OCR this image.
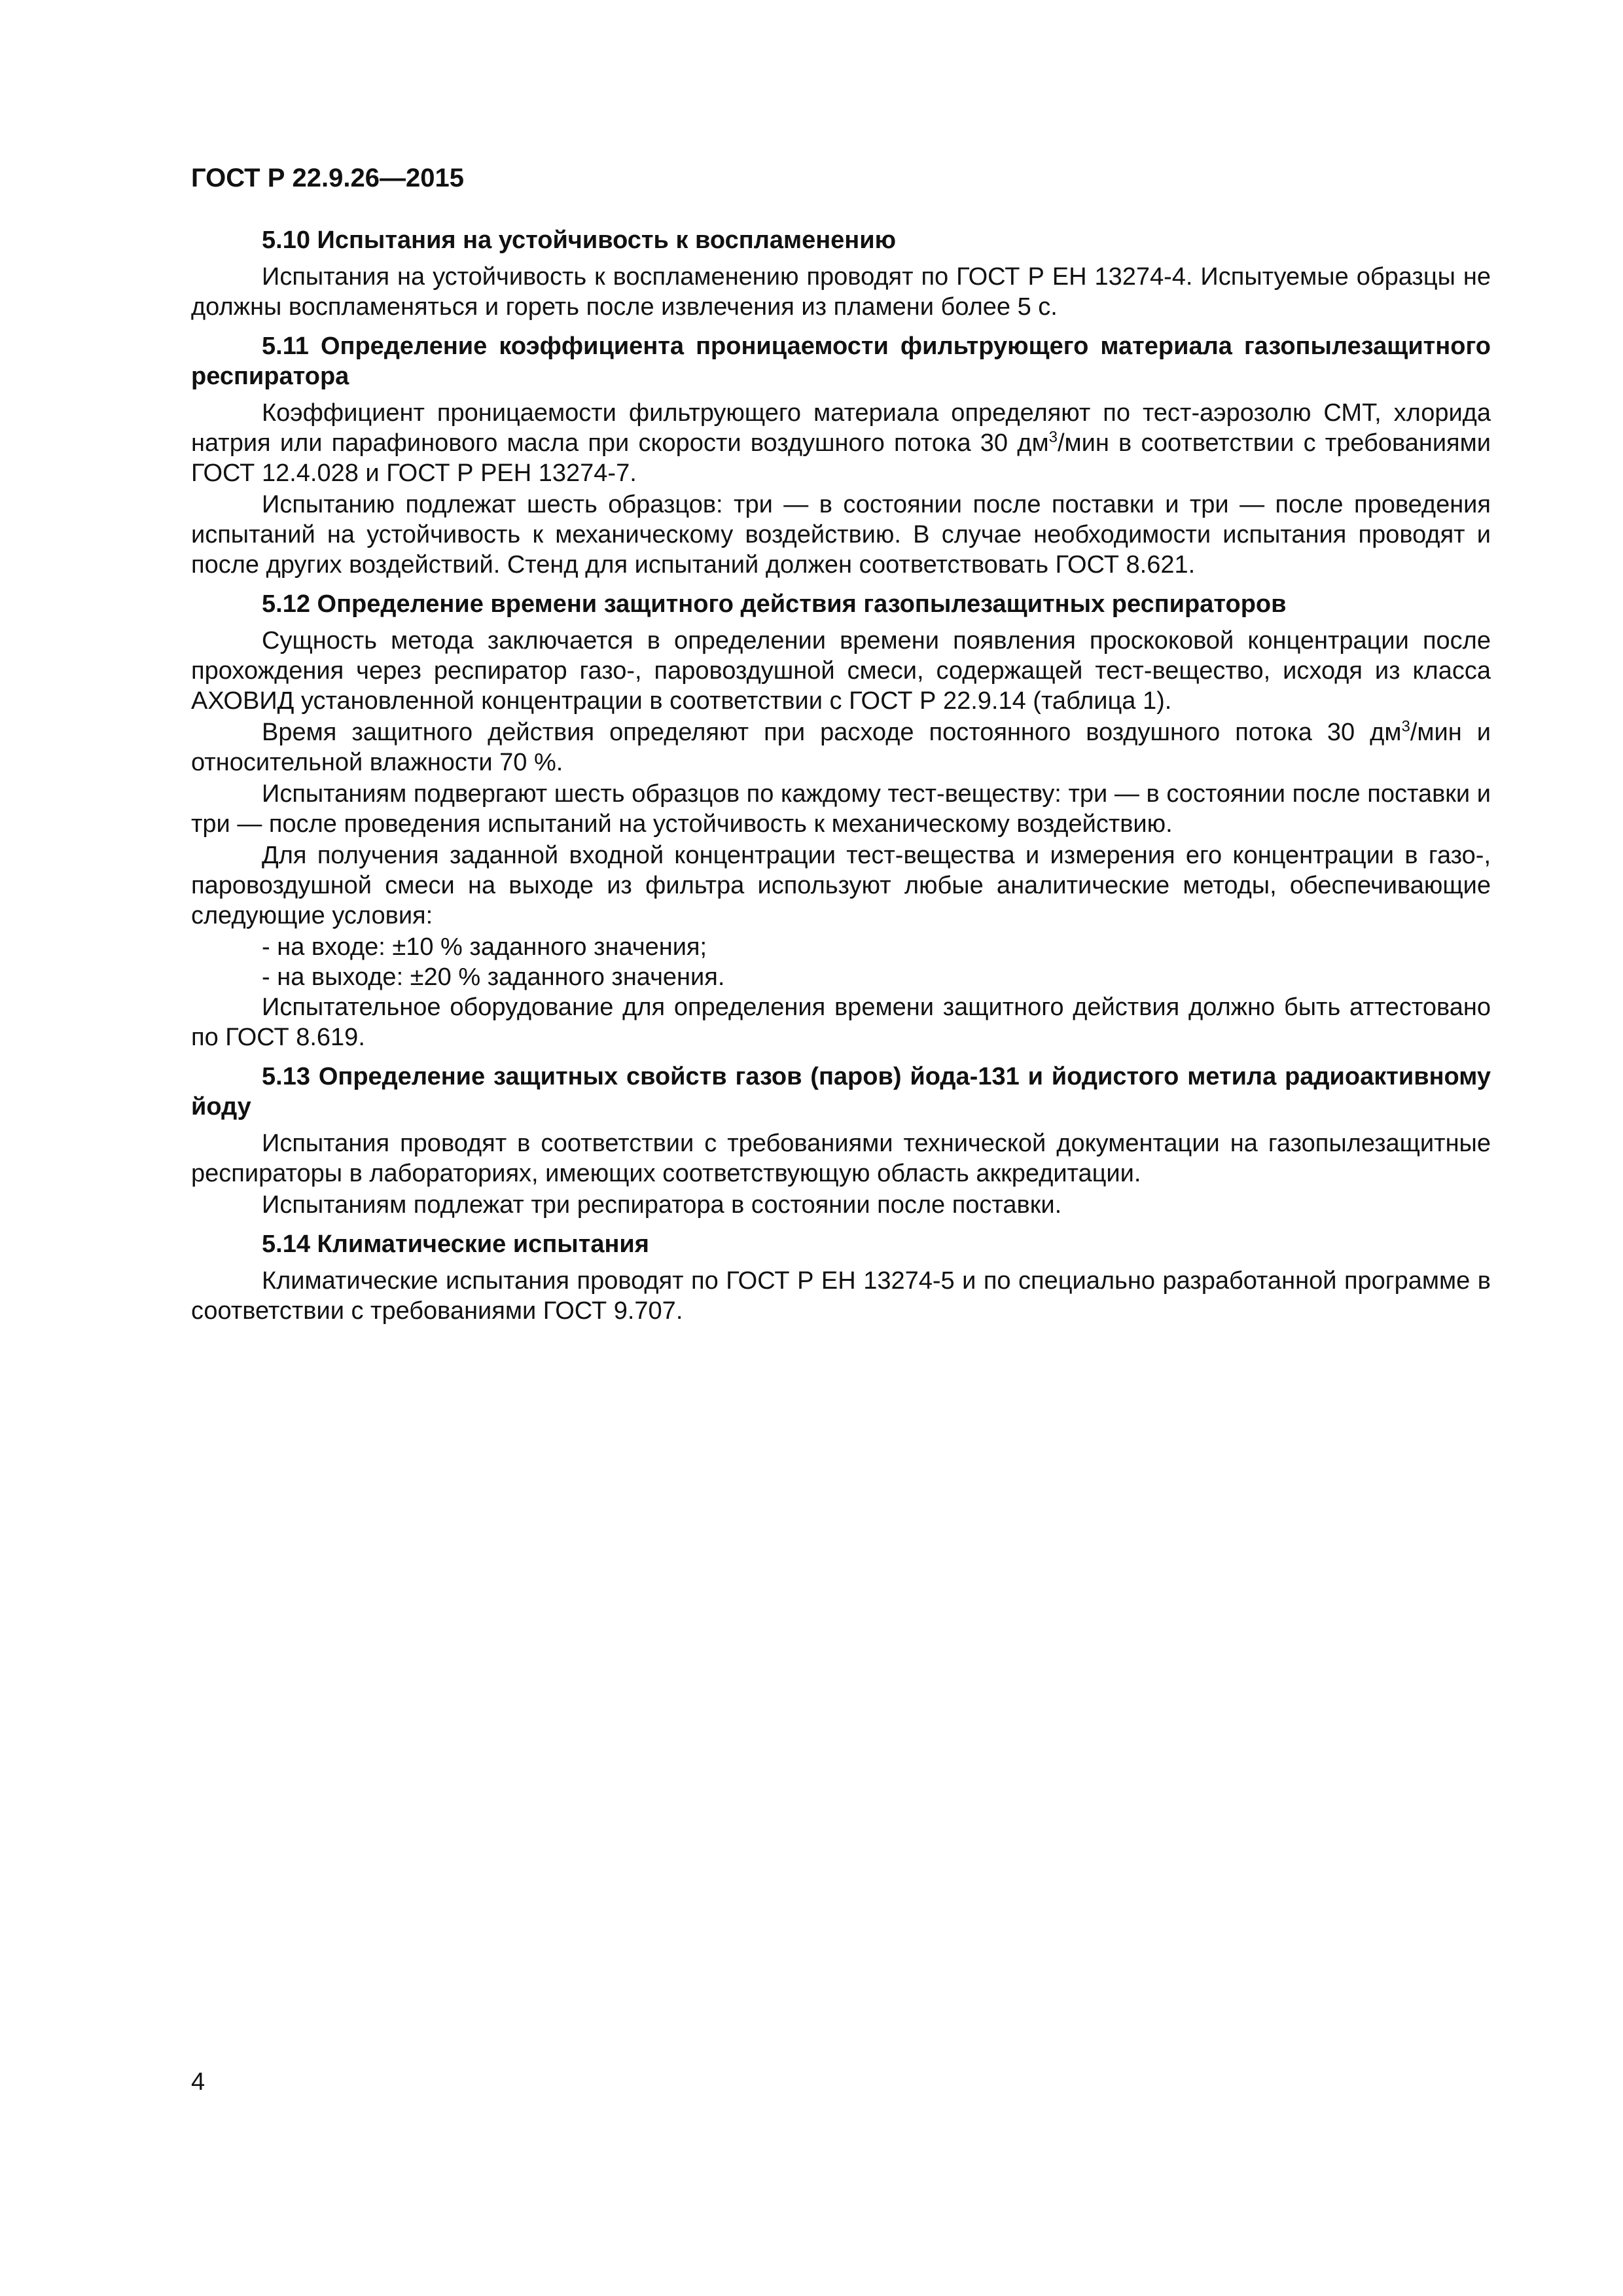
ГОСТ Р 22.9.26—2015

5.10 Испытания на устойчивость к воспламенению

Испытания на устойчивость к воспламенению проводят по ГОСТ Р ЕН 13274-4. Испытуемые образцы не должны воспламеняться и гореть после извлечения из пламени более 5 с.

5.11 Определение коэффициента проницаемости фильтрующего материала газопылезащитного респиратора

Коэффициент проницаемости фильтрующего материала определяют по тест-аэрозолю СМТ, хлорида натрия или парафинового масла при скорости воздушного потока 30 $дм^3$/мин в соответствии с требованиями ГОСТ 12.4.028 и ГОСТ Р РЕН 13274-7.

Испытанию подлежат шесть образцов: три — в состоянии после поставки и три — после проведения испытаний на устойчивость к механическому воздействию. В случае необходимости испытания проводят и после других воздействий. Стенд для испытаний должен соответствовать ГОСТ 8.621.

5.12 Определение времени защитного действия газопылезащитных респираторов

Сущность метода заключается в определении времени появления проскоковой концентрации после прохождения через респиратор газо-, паровоздушной смеси, содержащей тест-вещество, исходя из класса АХОВИД установленной концентрации в соответствии с ГОСТ Р 22.9.14 (таблица 1).

Время защитного действия определяют при расходе постоянного воздушного потока 30 $дм^3$/мин и относительной влажности 70 %.

Испытаниям подвергают шесть образцов по каждому тест-веществу: три — в состоянии после поставки и три — после проведения испытаний на устойчивость к механическому воздействию.

Для получения заданной входной концентрации тест-вещества и измерения его концентрации в газо-, паровоздушной смеси на выходе из фильтра используют любые аналитические методы, обеспечивающие следующие условия:

- на входе: ±10 % заданного значения;

- на выходе: ±20 % заданного значения.

Испытательное оборудование для определения времени защитного действия должно быть аттестовано по ГОСТ 8.619.

5.13 Определение защитных свойств газов (паров) йода-131 и йодистого метила радиоактивному йоду

Испытания проводят в соответствии с требованиями технической документации на газопылезащитные респираторы в лабораториях, имеющих соответствующую область аккредитации.

Испытаниям подлежат три респиратора в состоянии после поставки.

5.14 Климатические испытания

Климатические испытания проводят по ГОСТ Р ЕН 13274-5 и по специально разработанной программе в соответствии с требованиями ГОСТ 9.707.

4
